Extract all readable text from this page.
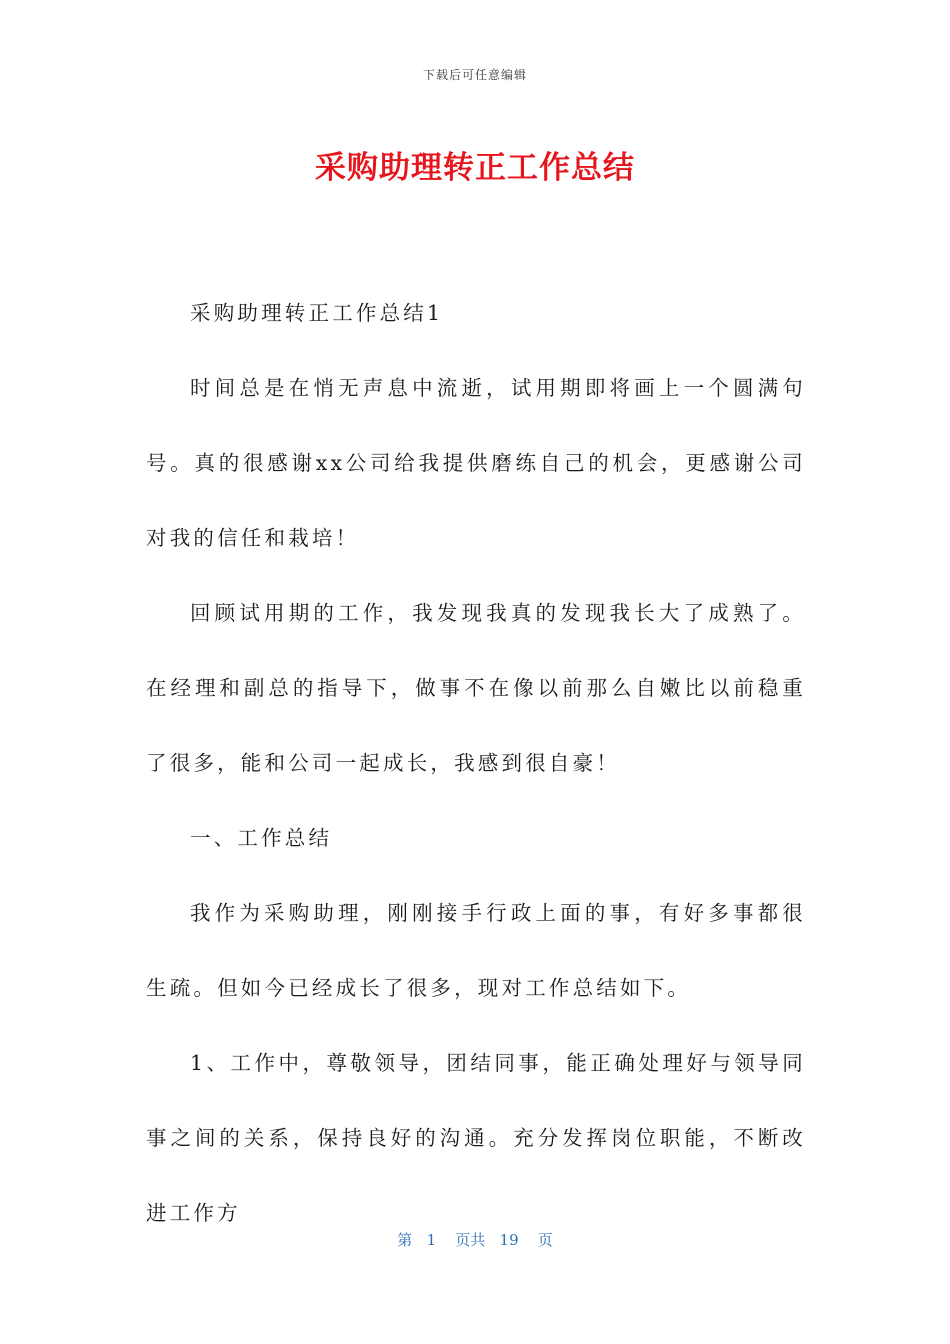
下载后可任意编辑
采购助理转正工作总结

采购助理转正工作总结1

时间总是在悄无声息中流逝，试用期即将画上一个圆满句号。真的很感谢xx公司给我提供磨练自己的机会，更感谢公司对我的信任和栽培！

回顾试用期的工作，我发现我真的发现我长大了成熟了。在经理和副总的指导下，做事不在像以前那么自嫩比以前稳重了很多，能和公司一起成长，我感到很自豪！

一、工作总结

我作为采购助理，刚刚接手行政上面的事，有好多事都很生疏。但如今已经成长了很多，现对工作总结如下。

1、工作中，尊敬领导，团结同事，能正确处理好与领导同事之间的关系，保持良好的沟通。充分发挥岗位职能，不断改进工作方

第 1 页共 19 页
